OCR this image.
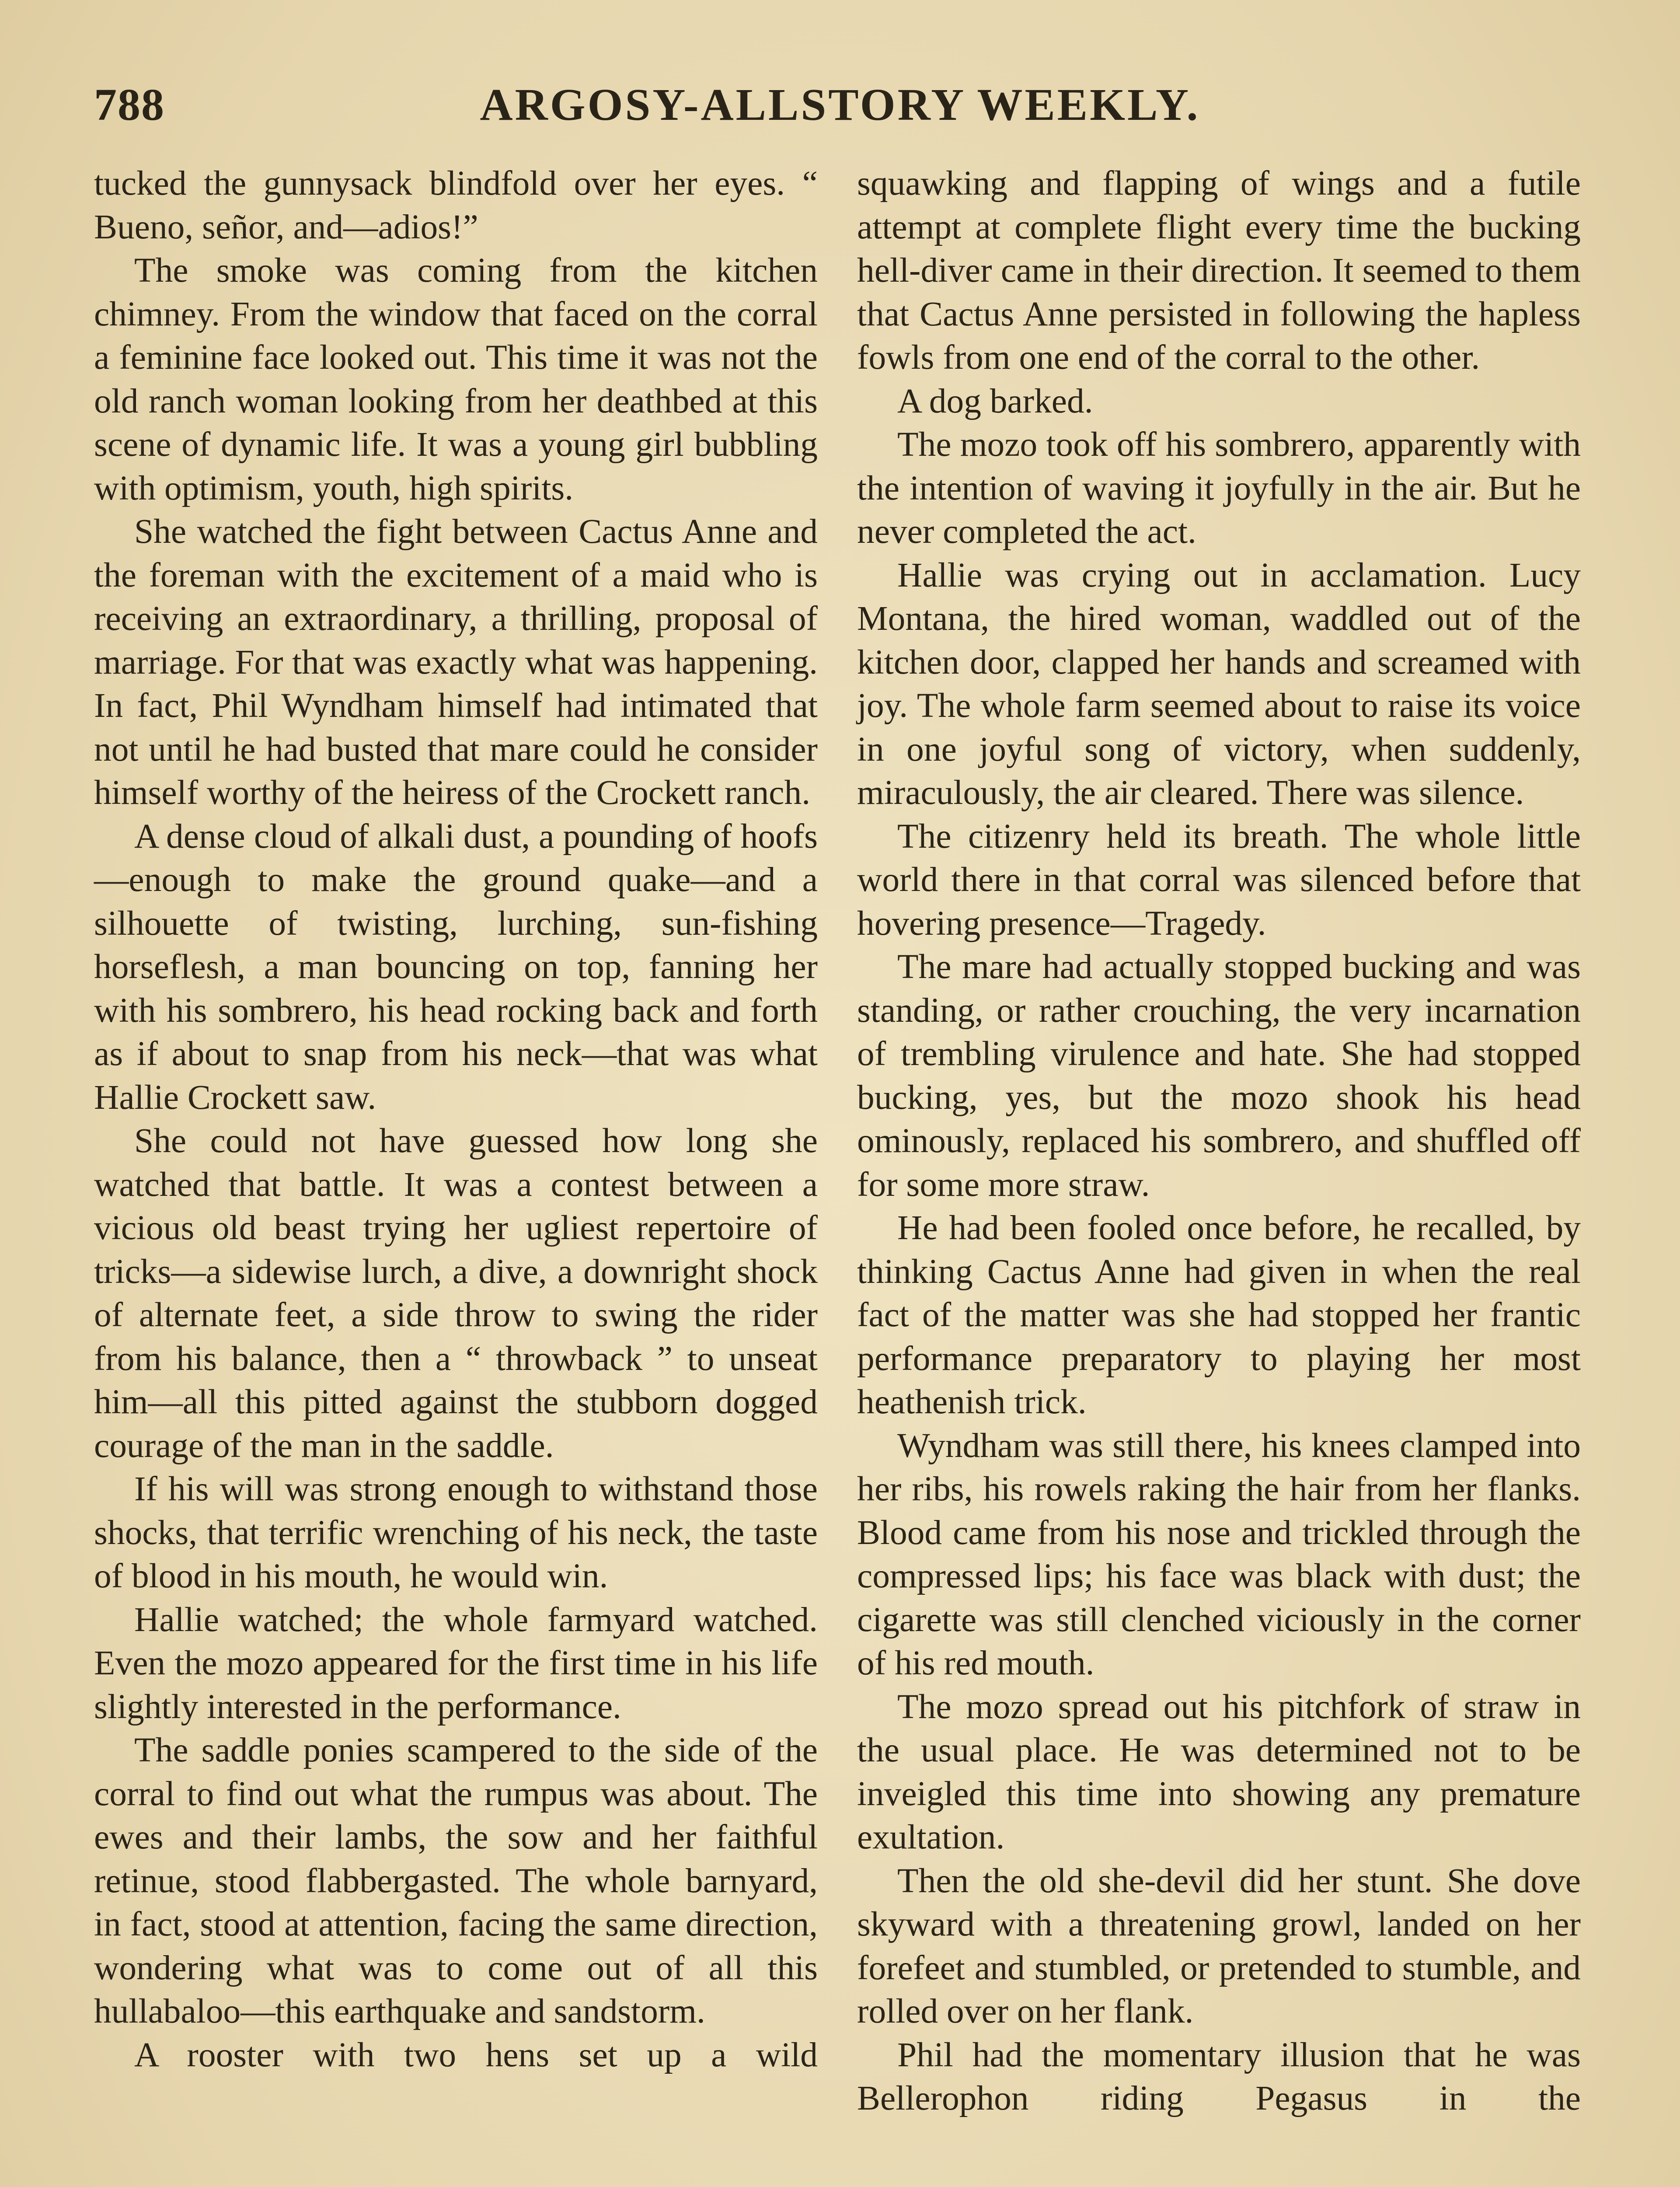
788	ARGOSY-ALLSTORY WEEKLY.

tucked the gunnysack blindfold over her eyes. “ Bueno, señor, and—adios!”

The smoke was coming from the kitchen chimney. From the window that faced on the corral a feminine face looked out. This time it was not the old ranch woman looking from her deathbed at this scene of dynamic life. It was a young girl bubbling with optimism, youth, high spirits.

She watched the fight between Cactus Anne and the foreman with the excitement of a maid who is receiving an extraordinary, a thrilling, proposal of marriage. For that was exactly what was happening. In fact, Phil Wyndham himself had intimated that not until he had busted that mare could he consider himself worthy of the heiress of the Crockett ranch.

A dense cloud of alkali dust, a pounding of hoofs—enough to make the ground quake—and a silhouette of twisting, lurching, sun-fishing horseflesh, a man bouncing on top, fanning her with his sombrero, his head rocking back and forth as if about to snap from his neck—that was what Hallie Crockett saw.

She could not have guessed how long she watched that battle. It was a contest between a vicious old beast trying her ugliest repertoire of tricks—a sidewise lurch, a dive, a downright shock of alternate feet, a side throw to swing the rider from his balance, then a “ throwback ” to unseat him—all this pitted against the stubborn dogged courage of the man in the saddle.

If his will was strong enough to withstand those shocks, that terrific wrenching of his neck, the taste of blood in his mouth, he would win.

Hallie watched; the whole farmyard watched. Even the mozo appeared for the first time in his life slightly interested in the performance.

The saddle ponies scampered to the side of the corral to find out what the rumpus was about. The ewes and their lambs, the sow and her faithful retinue, stood flabbergasted. The whole barnyard, in fact, stood at attention, facing the same direction, wondering what was to come out of all this hullabaloo—this earthquake and sandstorm.

A rooster with two hens set up a wild

squawking and flapping of wings and a futile attempt at complete flight every time the bucking hell-diver came in their direction. It seemed to them that Cactus Anne persisted in following the hapless fowls from one end of the corral to the other.

A dog barked.

The mozo took off his sombrero, apparently with the intention of waving it joyfully in the air. But he never completed the act.

Hallie was crying out in acclamation. Lucy Montana, the hired woman, waddled out of the kitchen door, clapped her hands and screamed with joy. The whole farm seemed about to raise its voice in one joyful song of victory, when suddenly, miraculously, the air cleared. There was silence.

The citizenry held its breath. The whole little world there in that corral was silenced before that hovering presence—Tragedy.

The mare had actually stopped bucking and was standing, or rather crouching, the very incarnation of trembling virulence and hate. She had stopped bucking, yes, but the mozo shook his head ominously, replaced his sombrero, and shuffled off for some more straw.

He had been fooled once before, he recalled, by thinking Cactus Anne had given in when the real fact of the matter was she had stopped her frantic performance preparatory to playing her most heathenish trick.

Wyndham was still there, his knees clamped into her ribs, his rowels raking the hair from her flanks. Blood came from his nose and trickled through the compressed lips; his face was black with dust; the cigarette was still clenched viciously in the corner of his red mouth.

The mozo spread out his pitchfork of straw in the usual place. He was determined not to be inveigled this time into showing any premature exultation.

Then the old she-devil did her stunt. She dove skyward with a threatening growl, landed on her forefeet and stumbled, or pretended to stumble, and rolled over on her flank.

Phil had the momentary illusion that he was Bellerophon riding Pegasus in the
